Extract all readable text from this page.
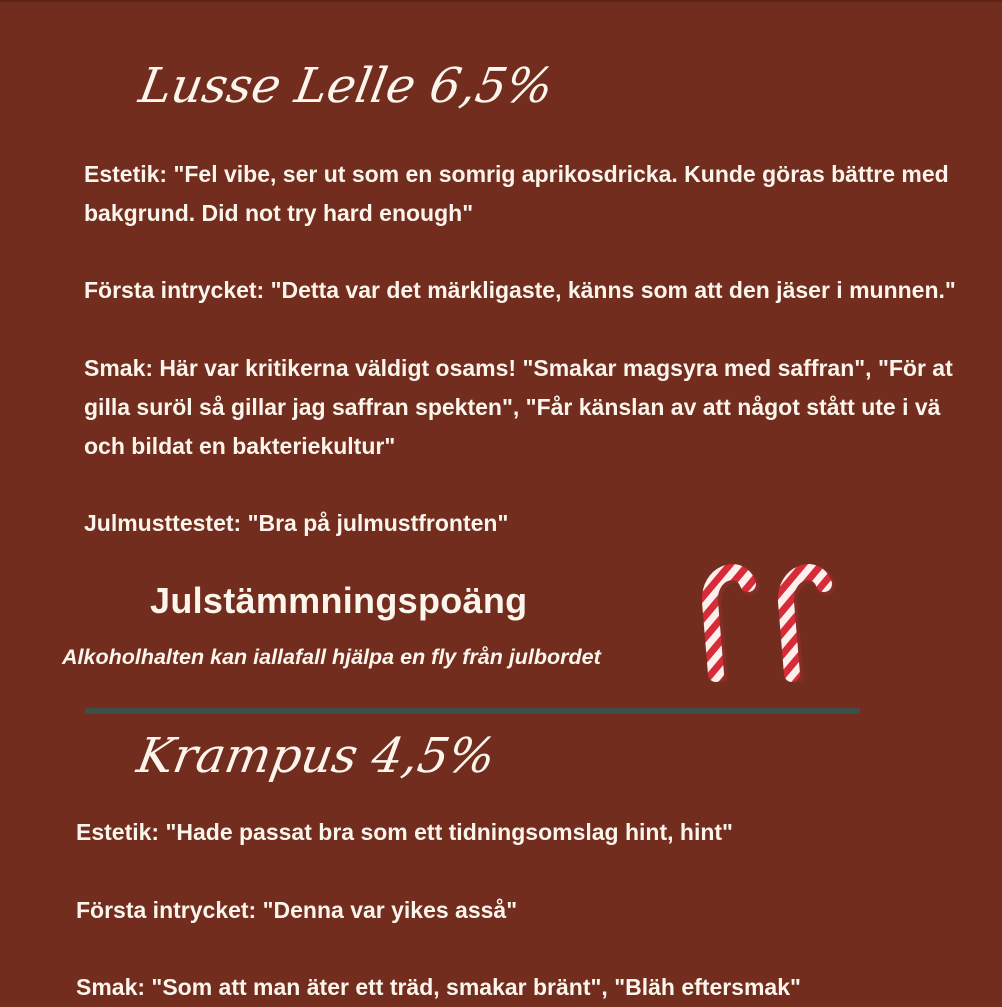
Lusse Lelle 6,5%
Estetik: "Fel vibe, ser ut som en somrig aprikosdricka. Kunde göras bättre med
bakgrund. Did not try hard enough"

Första intrycket: "Detta var det märkligaste, känns som att den jäser i munnen."

Smak: Här var kritikerna väldigt osams! "Smakar magsyra med saffran", "För at
gilla suröl så gillar jag saffran spekten", "Får känslan av att något stått ute i vä
och bildat en bakteriekultur"

Julmusttestet: "Bra på julmustfronten"
Julstämmningspoäng
Alkoholhalten kan iallafall hjälpa en fly från julbordet
Krampus 4,5%
Estetik: "Hade passat bra som ett tidningsomslag hint, hint"

Första intrycket: "Denna var yikes asså"

Smak: "Som att man äter ett träd, smakar bränt", "Bläh eftersmak"
